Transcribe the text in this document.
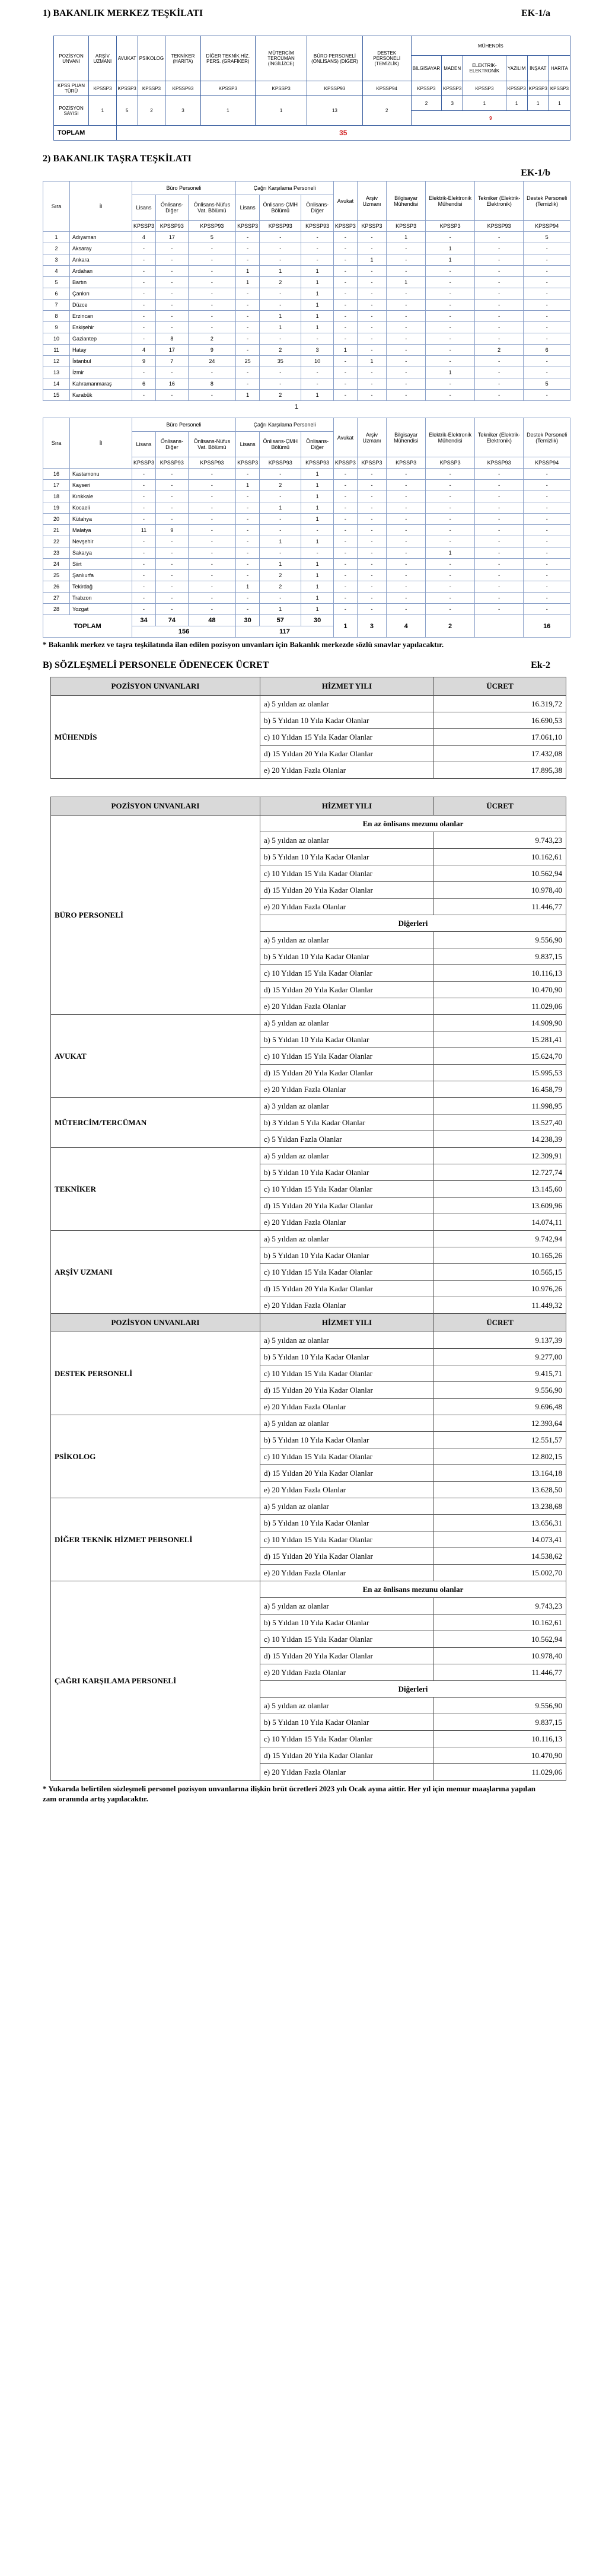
1) BAKANLIK MERKEZ TEŞKİLATI	EK-1/a
POZİSYON UNVANI	ARŞİV UZMANI	AVUKAT	PSİKOLOG	TEKNİKER (HARİTA)	DİĞER TEKNİK HİZ. PERS. (GRAFİKER)	MÜTERCİM TERCÜMAN (İNGİLİZCE)	BÜRO PERSONELİ (ÖNLİSANS) (DİĞER)	DESTEK PERSONELİ (TEMİZLİK)	MÜHENDİS					
									BİLGİSAYAR	MADEN	ELEKTRİK-ELEKTRONİK	YAZILIM	İNŞAAT	HARİTA
KPSS PUAN TÜRÜ	KPSSP3	KPSSP3	KPSSP3	KPSSP93	KPSSP3	KPSSP3	KPSSP93	KPSSP94	KPSSP3	KPSSP3	KPSSP3	KPSSP3	KPSSP3	KPSSP3
POZİSYON SAYISI	1	5	2	3	1	1	13	2	2	3	1	1	1	1
									9					
TOPLAM		35												
2) BAKANLIK TAŞRA TEŞKİLATI
EK-1/b
Sıra	İl	Büro Personeli			Çağrı Karşılama Personeli			Avukat	Arşiv Uzmanı	Bilgisayar Mühendisi	Elektrik-Elektronik Mühendisi	Tekniker (Elektrik-Elektronik)	Destek Personeli (Temizlik)
		Lisans	Önlisans-Diğer	Önlisans-Nüfus Vat. Bölümü	Lisans	Önlisans-ÇMH Bölümü	Önlisans-Diğer						
		KPSSP3	KPSSP93	KPSSP93	KPSSP3	KPSSP93	KPSSP93	KPSSP3	KPSSP3	KPSSP3	KPSSP3	KPSSP93	KPSSP94
1	Adıyaman	4	17	5	-	-	-	-	-	1	-	-	5
2	Aksaray	-	-	-	-	-	-	-	-	-	1	-	-
3	Ankara	-	-	-	-	-	-	-	1	-	1	-	-
4	Ardahan	-	-	-	1	1	1	-	-	-	-	-	-
5	Bartın	-	-	-	1	2	1	-	-	1	-	-	-
6	Çankırı	-	-	-	-	-	1	-	-	-	-	-	-
7	Düzce	-	-	-	-	-	1	-	-	-	-	-	-
8	Erzincan	-	-	-	-	1	1	-	-	-	-	-	-
9	Eskişehir	-	-	-	-	1	1	-	-	-	-	-	-
10	Gaziantep	-	8	2	-	-	-	-	-	-	-	-	-
11	Hatay	4	17	9	-	2	3	1	-	-	-	2	6
12	İstanbul	9	7	24	25	35	10	-	1	-	-	-	-
13	İzmir	-	-	-	-	-	-	-	-	-	1	-	-
14	Kahramanmaraş	6	16	8	-	-	-	-	-	-	-	-	5
15	Karabük	-	-	-	1	2	1	-	-	-	-	-	-
1
Sıra	İl	Büro Personeli			Çağrı Karşılama Personeli			Avukat	Arşiv Uzmanı	Bilgisayar Mühendisi	Elektrik-Elektronik Mühendisi	Tekniker (Elektrik-Elektronik)	Destek Personeli (Temizlik)
		Lisans	Önlisans-Diğer	Önlisans-Nüfus Vat. Bölümü	Lisans	Önlisans-ÇMH Bölümü	Önlisans-Diğer						
		KPSSP3	KPSSP93	KPSSP93	KPSSP3	KPSSP93	KPSSP93	KPSSP3	KPSSP3	KPSSP3	KPSSP3	KPSSP93	KPSSP94
16	Kastamonu	-	-	-	-	-	1	-	-	-	-	-	-
17	Kayseri	-	-	-	1	2	1	-	-	-	-	-	-
18	Kırıkkale	-	-	-	-	-	1	-	-	-	-	-	-
19	Kocaeli	-	-	-	-	1	1	-	-	-	-	-	-
20	Kütahya	-	-	-	-	-	1	-	-	-	-	-	-
21	Malatya	11	9	-	-	-	-	-	-	-	-	-	-
22	Nevşehir	-	-	-	-	1	1	-	-	-	-	-	-
23	Sakarya	-	-	-	-	-	-	-	-	-	1	-	-
24	Siirt	-	-	-	-	1	1	-	-	-	-	-	-
25	Şanlıurfa	-	-	-	-	2	1	-	-	-	-	-	-
26	Tekirdağ	-	-	-	1	2	1	-	-	-	-	-	-
27	Trabzon	-	-	-	-	-	1	-	-	-	-	-	-
28	Yozgat	-	-	-	-	1	1	-	-	-	-	-	-
TOPLAM		34	74	48	30	57	30	1	3	4	2		16
		156			117								
* Bakanlık merkez ve taşra teşkilatında ilan edilen pozisyon unvanları için Bakanlık merkezde sözlü sınavlar yapılacaktır.
B) SÖZLEŞMELİ PERSONELE ÖDENECEK ÜCRET	Ek-2
POZİSYON UNVANLARI	HİZMET YILI	ÜCRET
MÜHENDİS	a) 5 yıldan az olanlar	16.319,72
	b) 5 Yıldan 10 Yıla Kadar Olanlar	16.690,53
	c) 10 Yıldan 15 Yıla Kadar Olanlar	17.061,10
	d) 15 Yıldan 20 Yıla Kadar Olanlar	17.432,08
	e) 20 Yıldan Fazla Olanlar	17.895,38
POZİSYON UNVANLARI	HİZMET YILI	ÜCRET
BÜRO PERSONELİ	En az önlisans mezunu olanlar	
	a) 5 yıldan az olanlar	9.743,23
	b) 5 Yıldan 10 Yıla Kadar Olanlar	10.162,61
	c) 10 Yıldan 15 Yıla Kadar Olanlar	10.562,94
	d) 15 Yıldan 20 Yıla Kadar Olanlar	10.978,40
	e) 20 Yıldan Fazla Olanlar	11.446,77
	Diğerleri	
	a) 5 yıldan az olanlar	9.556,90
	b) 5 Yıldan 10 Yıla Kadar Olanlar	9.837,15
	c) 10 Yıldan 15 Yıla Kadar Olanlar	10.116,13
	d) 15 Yıldan 20 Yıla Kadar Olanlar	10.470,90
	e) 20 Yıldan Fazla Olanlar	11.029,06
AVUKAT	a) 5 yıldan az olanlar	14.909,90
	b) 5 Yıldan 10 Yıla Kadar Olanlar	15.281,41
	c) 10 Yıldan 15 Yıla Kadar Olanlar	15.624,70
	d) 15 Yıldan 20 Yıla Kadar Olanlar	15.995,53
	e) 20 Yıldan Fazla Olanlar	16.458,79
MÜTERCİM/TERCÜMAN	a) 3 yıldan az olanlar	11.998,95
	b) 3 Yıldan 5 Yıla Kadar Olanlar	13.527,40
	c) 5 Yıldan Fazla Olanlar	14.238,39
TEKNİKER	a) 5 yıldan az olanlar	12.309,91
	b) 5 Yıldan 10 Yıla Kadar Olanlar	12.727,74
	c) 10 Yıldan 15 Yıla Kadar Olanlar	13.145,60
	d) 15 Yıldan 20 Yıla Kadar Olanlar	13.609,96
	e) 20 Yıldan Fazla Olanlar	14.074,11
ARŞİV UZMANI	a) 5 yıldan az olanlar	9.742,94
	b) 5 Yıldan 10 Yıla Kadar Olanlar	10.165,26
	c) 10 Yıldan 15 Yıla Kadar Olanlar	10.565,15
	d) 15 Yıldan 20 Yıla Kadar Olanlar	10.976,26
	e) 20 Yıldan Fazla Olanlar	11.449,32
POZİSYON UNVANLARI	HİZMET YILI	ÜCRET
DESTEK PERSONELİ	a) 5 yıldan az olanlar	9.137,39
	b) 5 Yıldan 10 Yıla Kadar Olanlar	9.277,00
	c) 10 Yıldan 15 Yıla Kadar Olanlar	9.415,71
	d) 15 Yıldan 20 Yıla Kadar Olanlar	9.556,90
	e) 20 Yıldan Fazla Olanlar	9.696,48
PSİKOLOG	a) 5 yıldan az olanlar	12.393,64
	b) 5 Yıldan 10 Yıla Kadar Olanlar	12.551,57
	c) 10 Yıldan 15 Yıla Kadar Olanlar	12.802,15
	d) 15 Yıldan 20 Yıla Kadar Olanlar	13.164,18
	e) 20 Yıldan Fazla Olanlar	13.628,50
DİĞER TEKNİK HİZMET PERSONELİ	a) 5 yıldan az olanlar	13.238,68
	b) 5 Yıldan 10 Yıla Kadar Olanlar	13.656,31
	c) 10 Yıldan 15 Yıla Kadar Olanlar	14.073,41
	d) 15 Yıldan 20 Yıla Kadar Olanlar	14.538,62
	e) 20 Yıldan Fazla Olanlar	15.002,70
ÇAĞRI KARŞILAMA PERSONELİ	En az önlisans mezunu olanlar	
	a) 5 yıldan az olanlar	9.743,23
	b) 5 Yıldan 10 Yıla Kadar Olanlar	10.162,61
	c) 10 Yıldan 15 Yıla Kadar Olanlar	10.562,94
	d) 15 Yıldan 20 Yıla Kadar Olanlar	10.978,40
	e) 20 Yıldan Fazla Olanlar	11.446,77
	Diğerleri	
	a) 5 yıldan az olanlar	9.556,90
	b) 5 Yıldan 10 Yıla Kadar Olanlar	9.837,15
	c) 10 Yıldan 15 Yıla Kadar Olanlar	10.116,13
	d) 15 Yıldan 20 Yıla Kadar Olanlar	10.470,90
	e) 20 Yıldan Fazla Olanlar	11.029,06
* Yukarıda belirtilen sözleşmeli personel pozisyon unvanlarına ilişkin brüt ücretleri 2023 yılı Ocak ayına aittir. Her yıl için memur maaşlarına yapılan zam oranında artış yapılacaktır.
